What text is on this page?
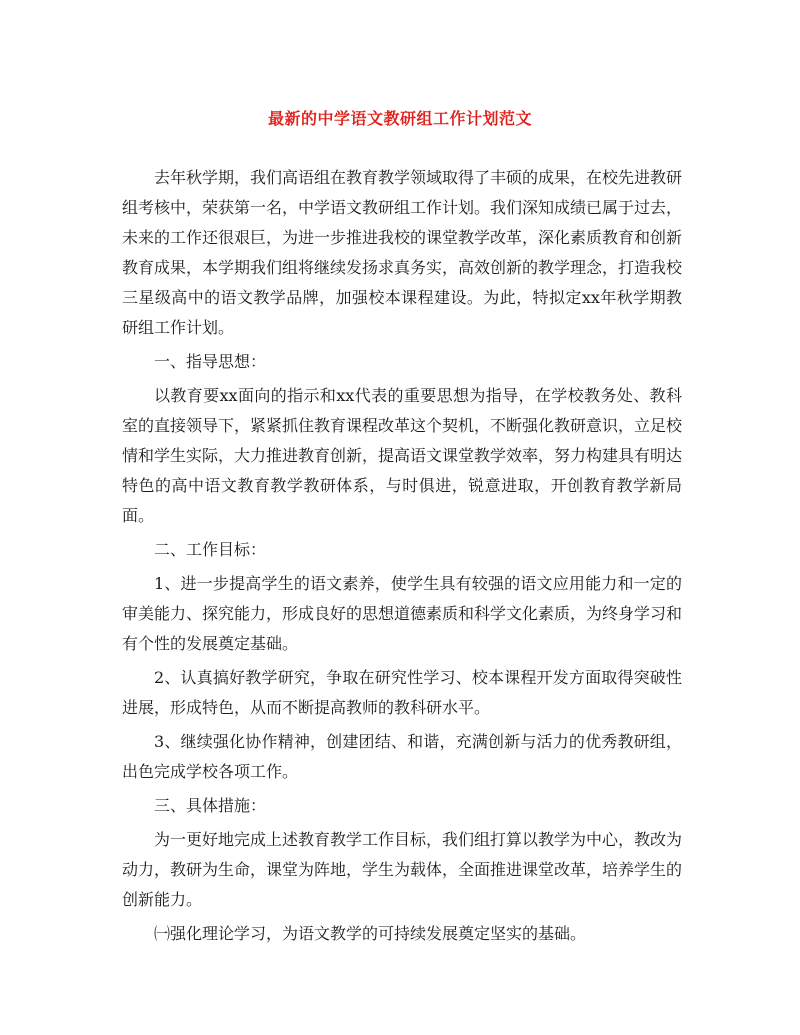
最新的中学语文教研组工作计划范文

去年秋学期，我们高语组在教育教学领域取得了丰硕的成果，在校先进教研组考核中，荣获第一名，中学语文教研组工作计划。我们深知成绩已属于过去，未来的工作还很艰巨，为进一步推进我校的课堂教学改革，深化素质教育和创新教育成果，本学期我们组将继续发扬求真务实，高效创新的教学理念，打造我校三星级高中的语文教学品牌，加强校本课程建设。为此，特拟定xx年秋学期教研组工作计划。

一、指导思想：

以教育要xx面向的指示和xx代表的重要思想为指导，在学校教务处、教科室的直接领导下，紧紧抓住教育课程改革这个契机，不断强化教研意识，立足校情和学生实际，大力推进教育创新，提高语文课堂教学效率，努力构建具有明达特色的高中语文教育教学教研体系，与时俱进，锐意进取，开创教育教学新局面。

二、工作目标：

1、进一步提高学生的语文素养，使学生具有较强的语文应用能力和一定的审美能力、探究能力，形成良好的思想道德素质和科学文化素质，为终身学习和有个性的发展奠定基础。

2、认真搞好教学研究，争取在研究性学习、校本课程开发方面取得突破性进展，形成特色，从而不断提高教师的教科研水平。

3、继续强化协作精神，创建团结、和谐，充满创新与活力的优秀教研组，出色完成学校各项工作。

三、具体措施：

为一更好地完成上述教育教学工作目标，我们组打算以教学为中心，教改为动力，教研为生命，课堂为阵地，学生为载体，全面推进课堂改革，培养学生的创新能力。

㈠强化理论学习，为语文教学的可持续发展奠定坚实的基础。
